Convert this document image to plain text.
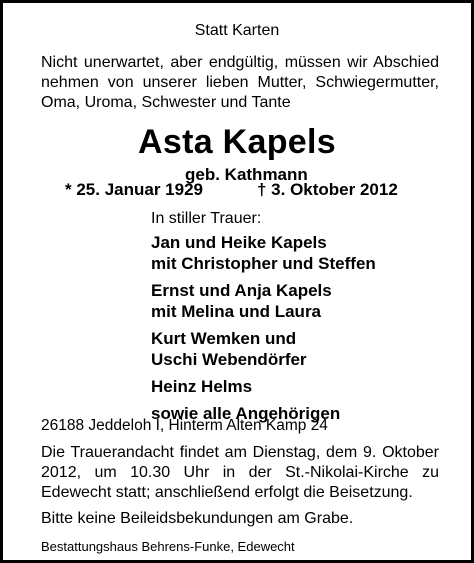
Statt Karten

Nicht unerwartet, aber endgültig, müssen wir Abschied
nehmen von unserer lieben Mutter, Schwiegermutter,
Oma, Uroma, Schwester und Tante

Asta Kapels

geb. Kathmann

* 25. Januar 1929	† 3. Oktober 2012

In stiller Trauer:

Jan und Heike Kapels
mit Christopher und Steffen
Ernst und Anja Kapels
mit Melina und Laura
Kurt Wemken und
Uschi Webendörfer
Heinz Helms
sowie alle Angehörigen

26188 Jeddeloh I, Hinterm Alten Kamp 24

Die Trauerandacht findet am Dienstag, dem 9. Oktober
2012, um 10.30 Uhr in der St.-Nikolai-Kirche zu
Edewecht statt; anschließend erfolgt die Beisetzung.

Bitte keine Beileidsbekundungen am Grabe.

Bestattungshaus Behrens-Funke, Edewecht
